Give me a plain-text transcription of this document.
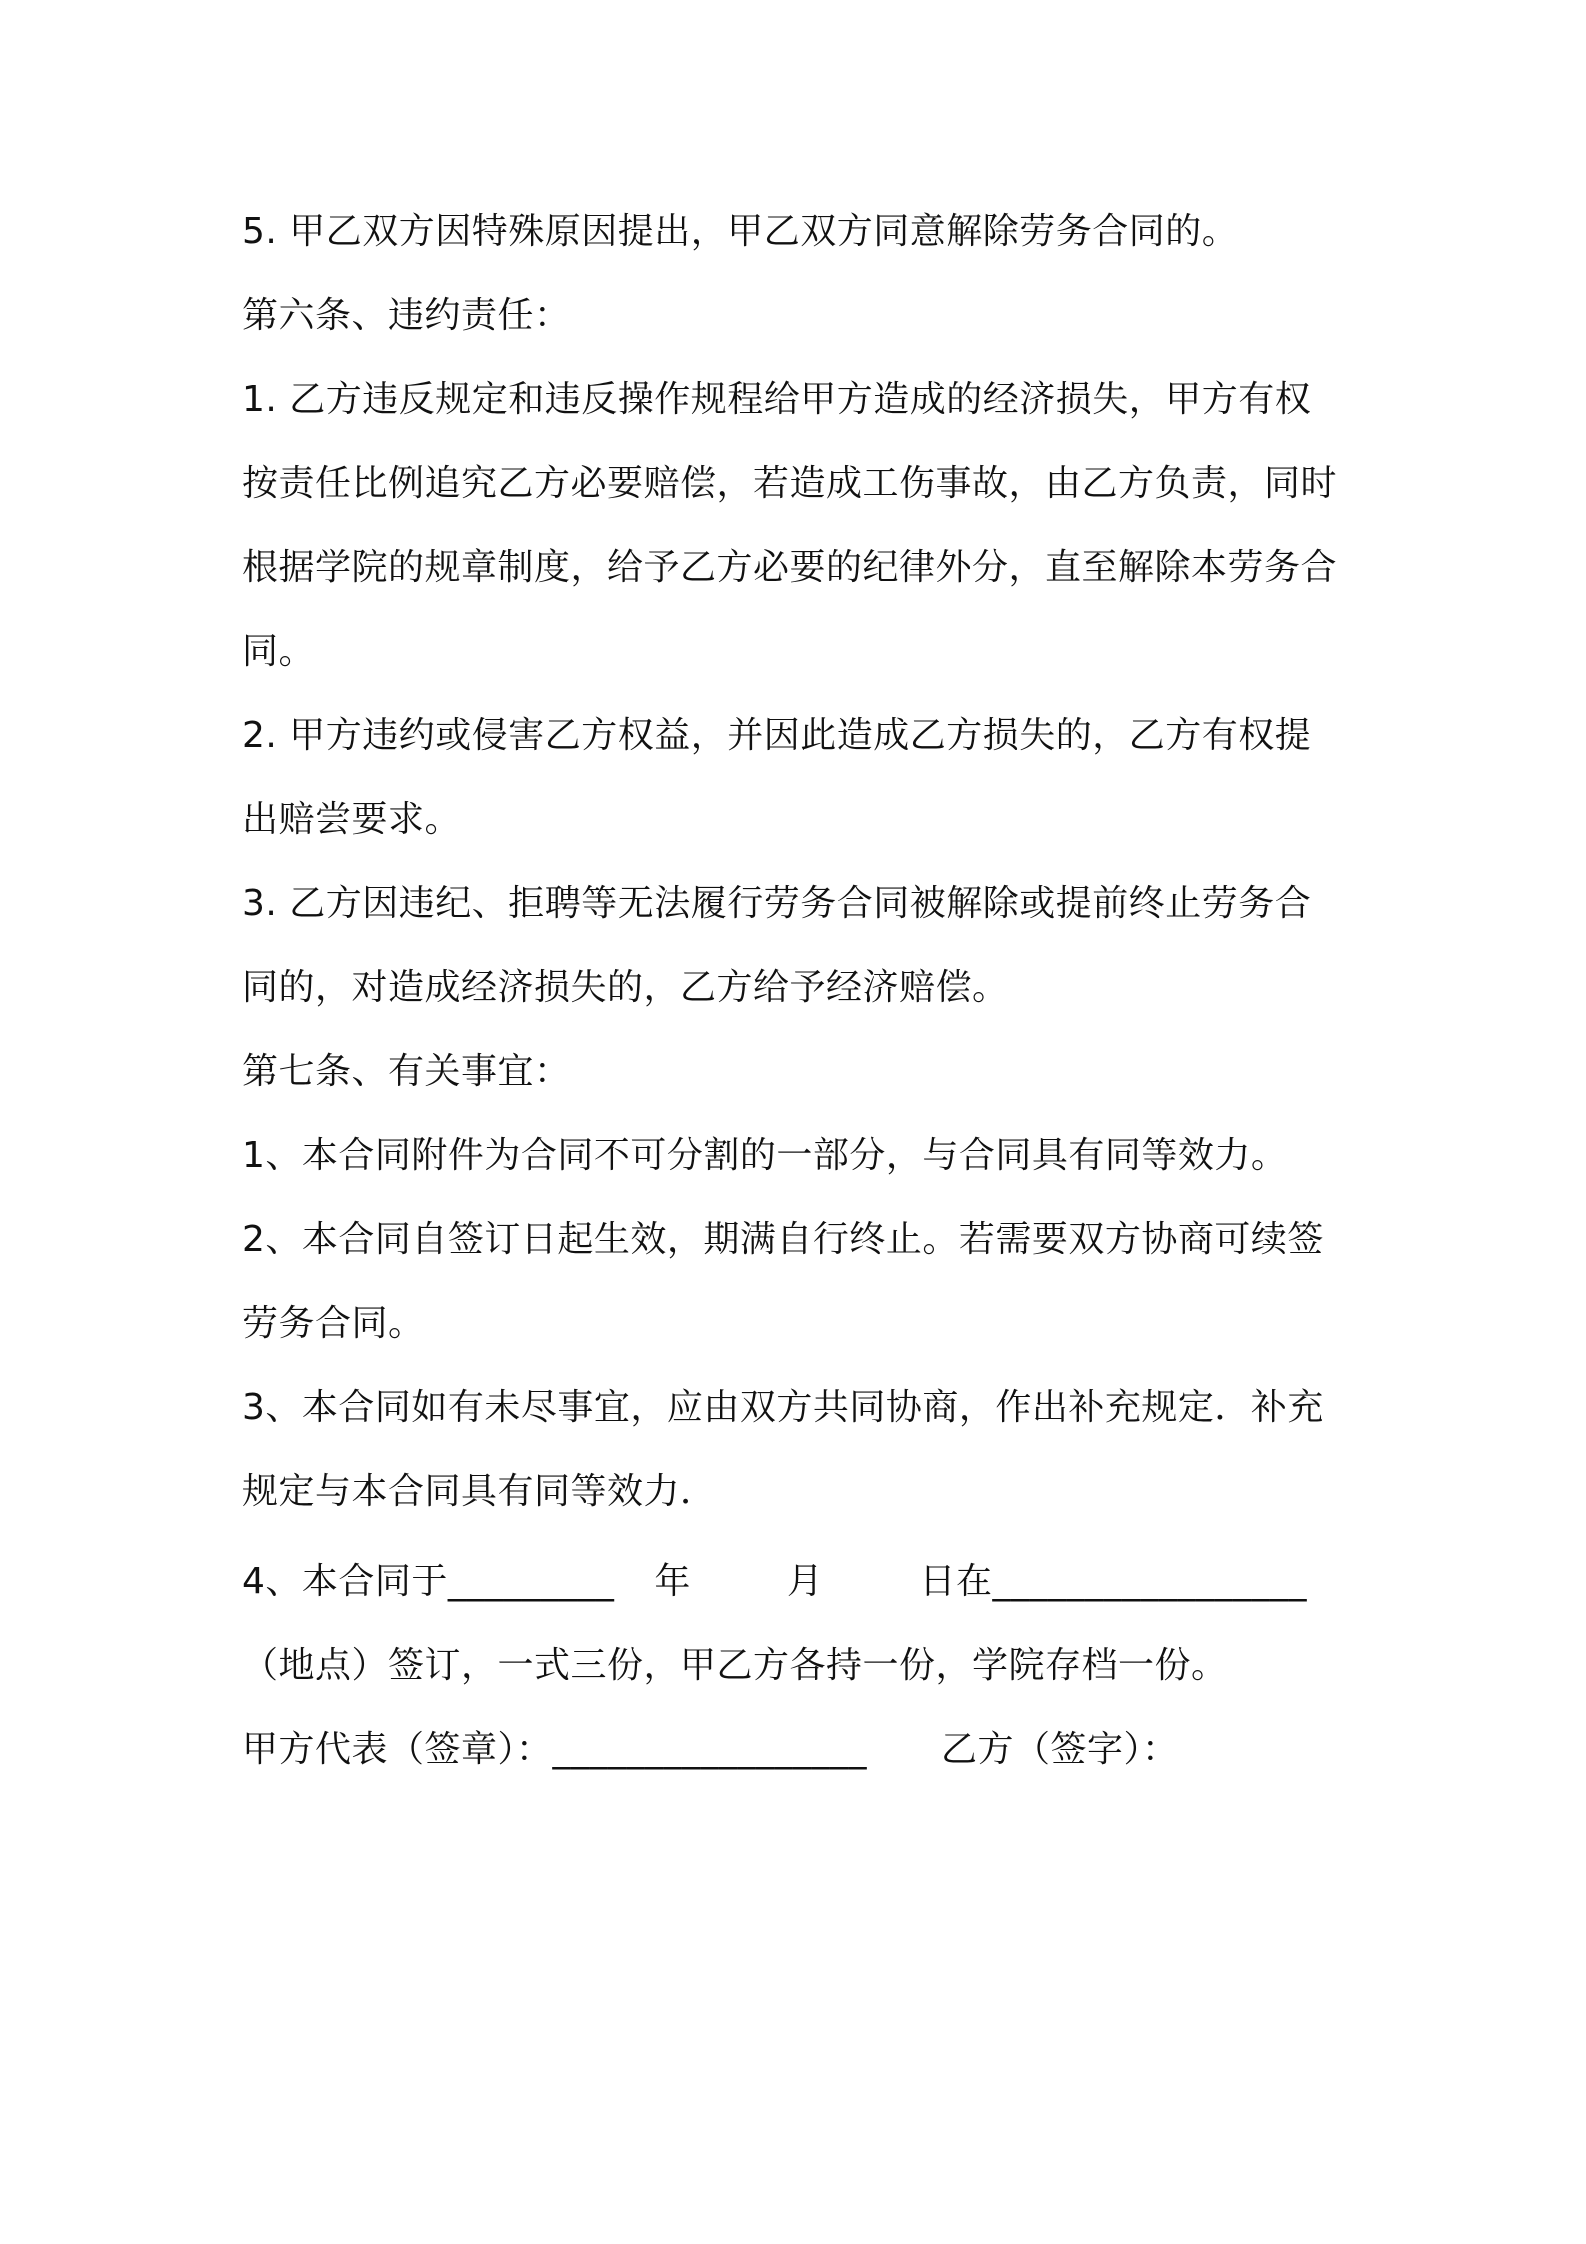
5. 甲乙双方因特殊原因提出，甲乙双方同意解除劳务合同的。
第六条、违约责任：
1. 乙方违反规定和违反操作规程给甲方造成的经济损失，甲方有权
按责任比例追究乙方必要赔偿，若造成工伤事故，由乙方负责，同时
根据学院的规章制度，给予乙方必要的纪律外分，直至解除本劳务合
同。
2. 甲方违约或侵害乙方权益，并因此造成乙方损失的，乙方有权提
出赔尝要求。
3. 乙方因违纪、拒聘等无法履行劳务合同被解除或提前终止劳务合
同的，对造成经济损失的，乙方给予经济赔偿。
第七条、有关事宜：
1、本合同附件为合同不可分割的一部分，与合同具有同等效力。
2、本合同自签订日起生效，期满自行终止。若需要双方协商可续签
劳务合同。
3、本合同如有未尽事宜，应由双方共同协商，作出补充规定．补充
规定与本合同具有同等效力．
4、本合同于_________ 年	月	日在_________________
（地点）签订，一式三份，甲乙方各持一份，学院存档一份。
甲方代表（签章）：_________________ 乙方（签字）：
